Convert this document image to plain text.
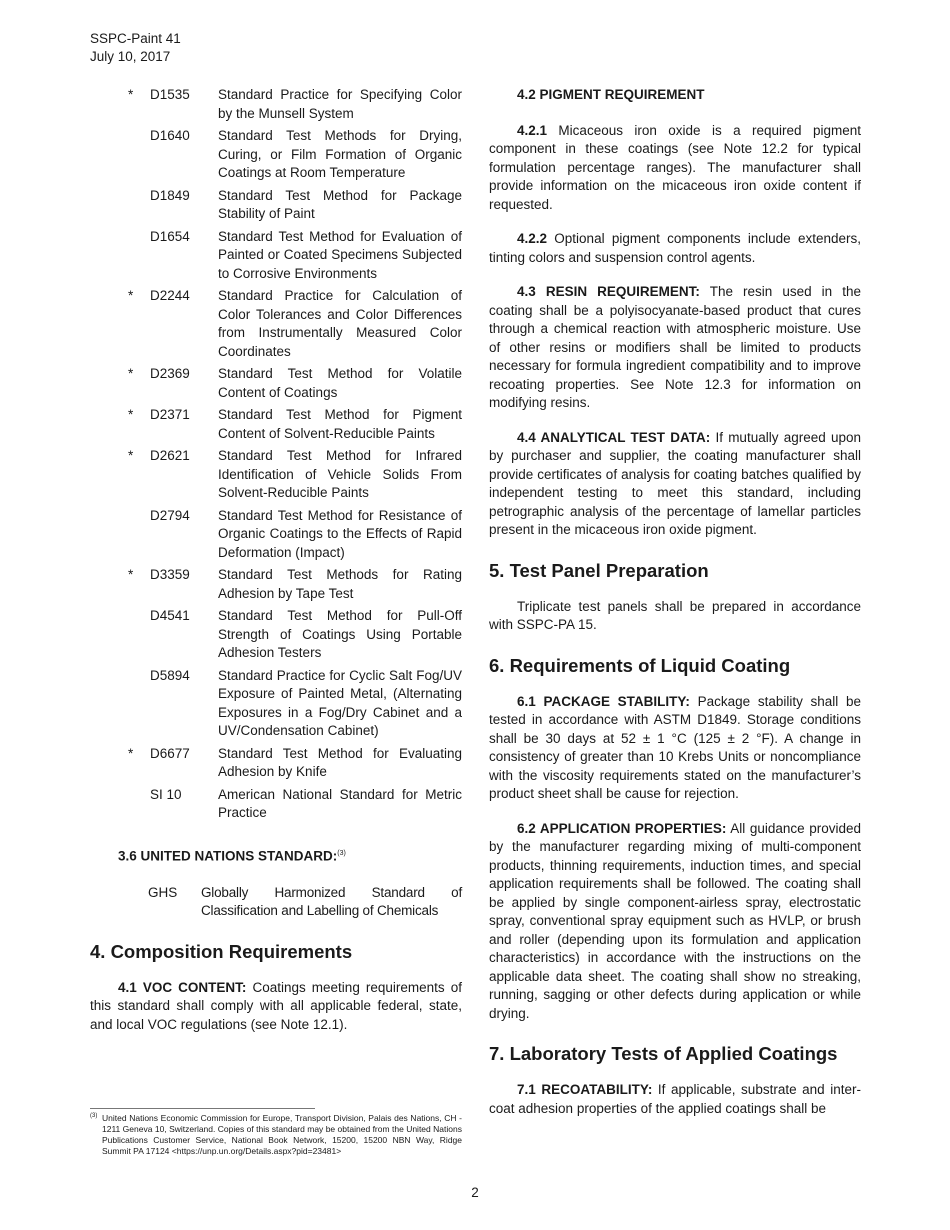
SSPC-Paint 41
July 10, 2017
* D1535 Standard Practice for Specifying Color by the Munsell System
D1640 Standard Test Methods for Drying, Curing, or Film Formation of Organic Coatings at Room Temperature
D1849 Standard Test Method for Package Stability of Paint
D1654 Standard Test Method for Evaluation of Painted or Coated Specimens Subjected to Corrosive Environments
* D2244 Standard Practice for Calculation of Color Tolerances and Color Differences from Instrumentally Measured Color Coordinates
* D2369 Standard Test Method for Volatile Content of Coatings
* D2371 Standard Test Method for Pigment Content of Solvent-Reducible Paints
* D2621 Standard Test Method for Infrared Identification of Vehicle Solids From Solvent-Reducible Paints
D2794 Standard Test Method for Resistance of Organic Coatings to the Effects of Rapid Deformation (Impact)
* D3359 Standard Test Methods for Rating Adhesion by Tape Test
D4541 Standard Test Method for Pull-Off Strength of Coatings Using Portable Adhesion Testers
D5894 Standard Practice for Cyclic Salt Fog/UV Exposure of Painted Metal, (Alternating Exposures in a Fog/Dry Cabinet and a UV/Condensation Cabinet)
* D6677 Standard Test Method for Evaluating Adhesion by Knife
SI 10	American National Standard for Metric Practice
3.6 UNITED NATIONS STANDARD:$^{(3)}$
GHS Globally Harmonized Standard of Classification and Labelling of Chemicals
4. Composition Requirements

4.1 VOC CONTENT: Coatings meeting requirements of this standard shall comply with all applicable federal, state, and local VOC regulations (see Note 12.1).

4.2 PIGMENT REQUIREMENT

4.2.1 Micaceous iron oxide is a required pigment component in these coatings (see Note 12.2 for typical formulation percentage ranges). The manufacturer shall provide information on the micaceous iron oxide content if requested.

4.2.2 Optional pigment components include extenders, tinting colors and suspension control agents.

4.3 RESIN REQUIREMENT: The resin used in the coating shall be a polyisocyanate-based product that cures through a chemical reaction with atmospheric moisture. Use of other resins or modifiers shall be limited to products necessary for formula ingredient compatibility and to improve recoating properties. See Note 12.3 for information on modifying resins.

4.4 ANALYTICAL TEST DATA: If mutually agreed upon by purchaser and supplier, the coating manufacturer shall provide certificates of analysis for coating batches qualified by independent testing to meet this standard, including petrographic analysis of the percentage of lamellar particles present in the micaceous iron oxide pigment.

5. Test Panel Preparation

Triplicate test panels shall be prepared in accordance with SSPC-PA 15.

6. Requirements of Liquid Coating

6.1 PACKAGE STABILITY: Package stability shall be tested in accordance with ASTM D1849. Storage conditions shall be 30 days at 52 ± 1 °C (125 ± 2 °F). A change in consistency of greater than 10 Krebs Units or noncompliance with the viscosity requirements stated on the manufacturer’s product sheet shall be cause for rejection.

6.2 APPLICATION PROPERTIES: All guidance provided by the manufacturer regarding mixing of multi-component products, thinning requirements, induction times, and special application requirements shall be followed. The coating shall be applied by single component-airless spray, electrostatic spray, conventional spray equipment such as HVLP, or brush and roller (depending upon its formulation and application characteristics) in accordance with the instructions on the applicable data sheet. The coating shall show no streaking, running, sagging or other defects during application or while drying.

7. Laboratory Tests of Applied Coatings

7.1 RECOATABILITY: If applicable, substrate and inter-coat adhesion properties of the applied coatings shall be

(3) United Nations Economic Commission for Europe, Transport Division, Palais des Nations, CH - 1211 Geneva 10, Switzerland. Copies of this standard may be obtained from the United Nations Publications Customer Service, National Book Network, 15200, 15200 NBN Way, Ridge Summit PA 17124 <https://unp.un.org/Details.aspx?pid=23481>
2
